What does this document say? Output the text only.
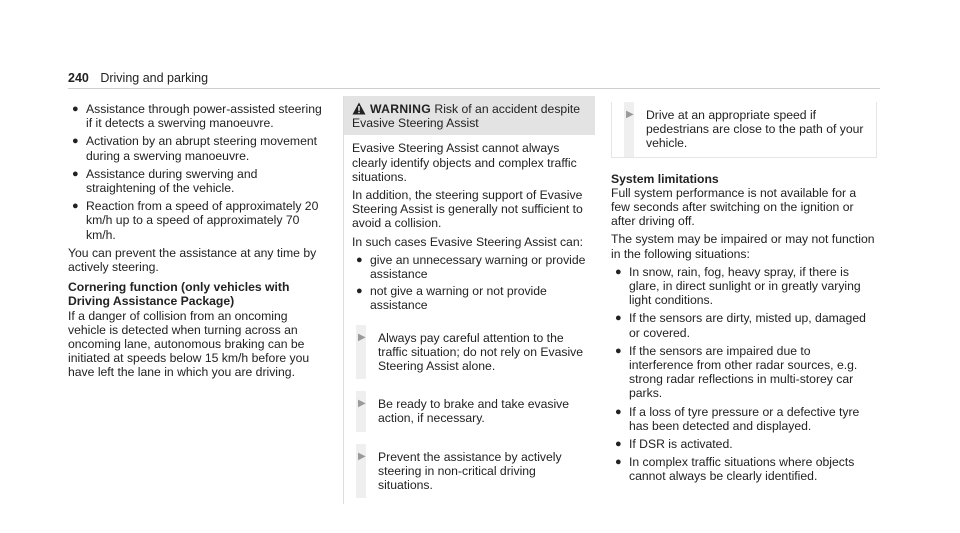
240 Driving and parking
● Assistance through power-assisted steering if it detects a swerving manoeuvre.
● Activation by an abrupt steering movement during a swerving manoeuvre.
● Assistance during swerving and straightening of the vehicle.
● Reaction from a speed of approximately 20 km/h up to a speed of approximately 70 km/h.

You can prevent the assistance at any time by actively steering.

Cornering function (only vehicles with Driving Assistance Package)

If a danger of collision from an oncoming vehicle is detected when turning across an oncoming lane, autonomous braking can be initiated at speeds below 15 km/h before you have left the lane in which you are driving.

WARNING Risk of an accident despite Evasive Steering Assist

Evasive Steering Assist cannot always clearly identify objects and complex traffic situations.

In addition, the steering support of Evasive Steering Assist is generally not sufficient to avoid a collision.

In such cases Evasive Steering Assist can:

● give an unnecessary warning or provide assistance
● not give a warning or not provide assistance
▶ Always pay careful attention to the traffic situation; do not rely on Evasive Steering Assist alone.
▶ Be ready to brake and take evasive action, if necessary.
▶ Prevent the assistance by actively steering in non-critical driving situations.
▶ Drive at an appropriate speed if pedestrians are close to the path of your vehicle.
System limitations

Full system performance is not available for a few seconds after switching on the ignition or after driving off.

The system may be impaired or may not function in the following situations:

● In snow, rain, fog, heavy spray, if there is glare, in direct sunlight or in greatly varying light conditions.
● If the sensors are dirty, misted up, damaged or covered.
● If the sensors are impaired due to interference from other radar sources, e.g. strong radar reflections in multi-storey car parks.
● If a loss of tyre pressure or a defective tyre has been detected and displayed.
● If DSR is activated.
● In complex traffic situations where objects cannot always be clearly identified.
